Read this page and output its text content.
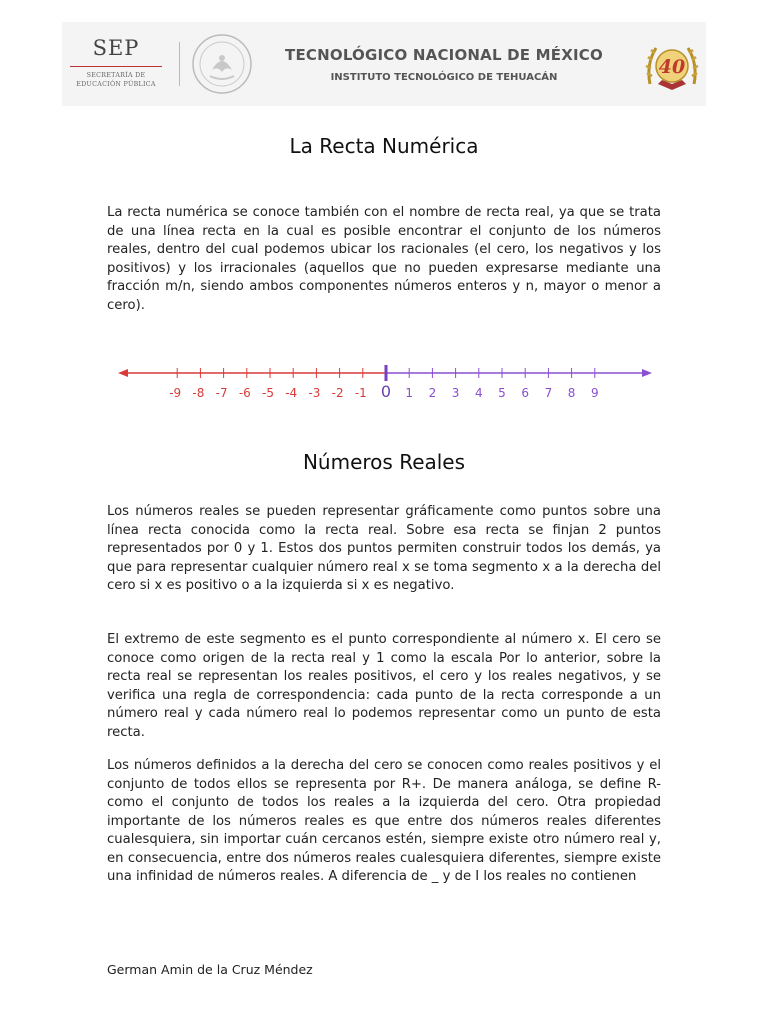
SEP
SECRETARÍA DE
EDUCACIÓN PÚBLICA
TECNOLÓGICO NACIONAL DE MÉXICO
INSTITUTO TECNOLÓGICO DE TEHUACÁN	40
La Recta Numérica

La recta numérica se conoce también con el nombre de recta real, ya que se trata de una línea recta en la cual es posible encontrar el conjunto de los números reales, dentro del cual podemos ubicar los racionales (el cero, los negativos y los positivos) y los irracionales (aquellos que no pueden expresarse mediante una fracción m/n, siendo ambos componentes números enteros y n, mayor o menor a cero).

-9 -8 -7 -6 -5 -4 -3 -2 -1	1 2 3 4 5 6 7 8 9
0
Números Reales

Los números reales se pueden representar gráficamente como puntos sobre una línea recta conocida como la recta real. Sobre esa recta se finjan 2 puntos representados por 0 y 1. Estos dos puntos permiten construir todos los demás, ya que para representar cualquier número real x se toma segmento x a la derecha del cero si x es positivo o a la izquierda si x es negativo.

El extremo de este segmento es el punto correspondiente al número x. El cero se conoce como origen de la recta real y 1 como la escala Por lo anterior, sobre la recta real se representan los reales positivos, el cero y los reales negativos, y se verifica una regla de correspondencia: cada punto de la recta corresponde a un número real y cada número real lo podemos representar como un punto de esta recta.

Los números definidos a la derecha del cero se conocen como reales positivos y el conjunto de todos ellos se representa por R+. De manera análoga, se define R- como el conjunto de todos los reales a la izquierda del cero. Otra propiedad importante de los números reales es que entre dos números reales diferentes cualesquiera, sin importar cuán cercanos estén, siempre existe otro número real y, en consecuencia, entre dos números reales cualesquiera diferentes, siempre existe una infinidad de números reales. A diferencia de _ y de I los reales no contienen

German Amin de la Cruz Méndez
